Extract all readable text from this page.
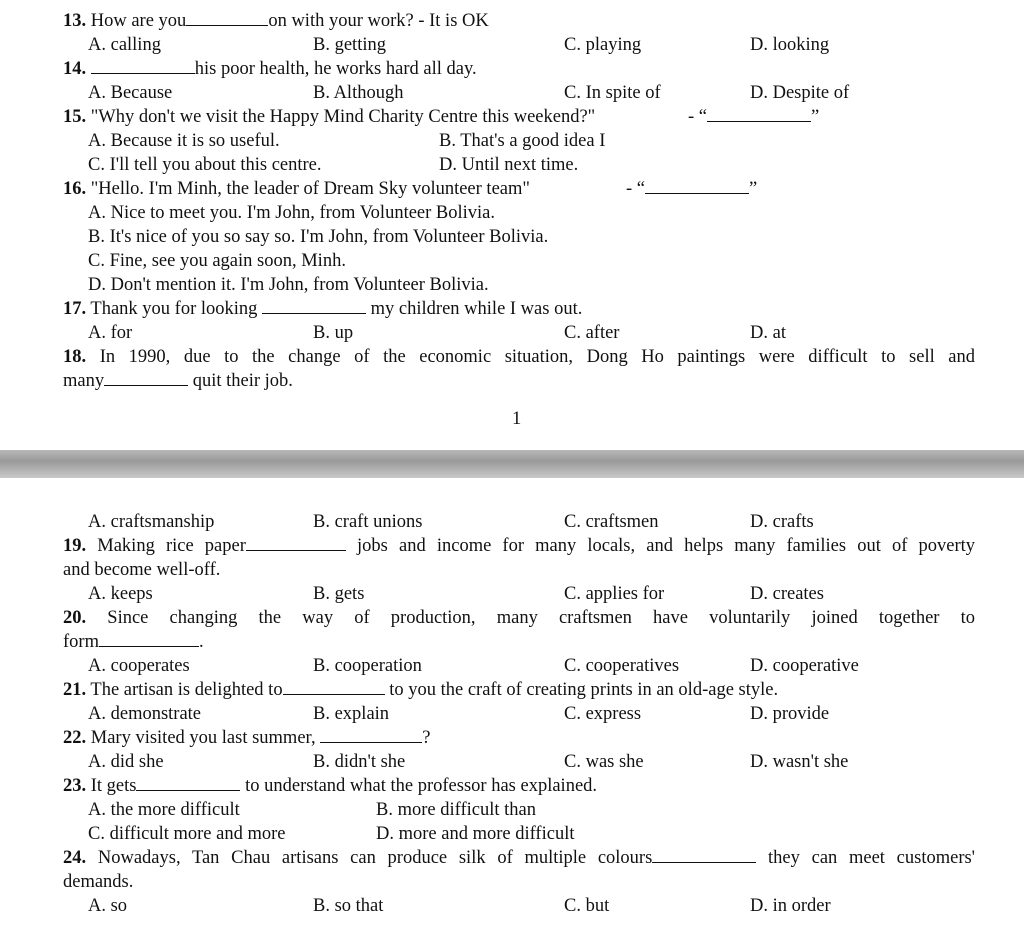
13. How are you	on with your work? - It is OK
A. calling	B. getting	C. playing	D. looking
14.	his poor health, he works hard all day.
A. Because	B. Although	C. In spite of	D. Despite of
15. "Why don't we visit the Happy Mind Charity Centre this weekend?"	- “	”
A. Because it is so useful.	B. That's a good idea I
C. I'll tell you about this centre.	D. Until next time.
16. "Hello. I'm Minh, the leader of Dream Sky volunteer team"	- “	”
A. Nice to meet you. I'm John, from Volunteer Bolivia.
B. It's nice of you so say so. I'm John, from Volunteer Bolivia.
C. Fine, see you again soon, Minh.
D. Don't mention it. I'm John, from Volunteer Bolivia.
17. Thank you for looking	my children while I was out.
A. for	B. up	C. after	D. at
18. In 1990, due to the change of the economic situation, Dong Ho paintings were difficult to sell and
many	quit their job.
1
A. craftsmanship	B. craft unions	C. craftsmen	D. crafts
19. Making rice paper	jobs and income for many locals, and helps many families out of poverty
and become well-off.
A. keeps	B. gets	C. applies for	D. creates
20. Since changing the way of production, many craftsmen have voluntarily joined together to
form	.
A. cooperates	B. cooperation	C. cooperatives	D. cooperative
21. The artisan is delighted to	to you the craft of creating prints in an old-age style.
A. demonstrate	B. explain	C. express	D. provide
22. Mary visited you last summer,	?
A. did she	B. didn't she	C. was she	D. wasn't she
23. It gets	to understand what the professor has explained.
A. the more difficult	B. more difficult than
C. difficult more and more	D. more and more difficult
24. Nowadays, Tan Chau artisans can produce silk of multiple colours	they can meet customers'
demands.
A. so	B. so that	C. but	D. in order
